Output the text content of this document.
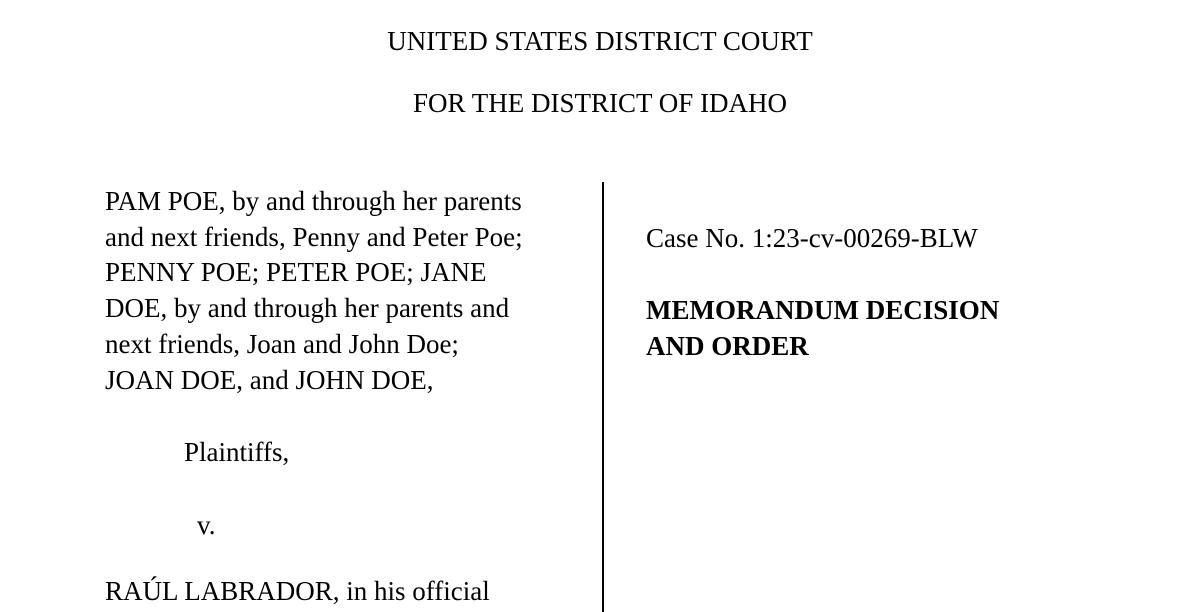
UNITED STATES DISTRICT COURT
FOR THE DISTRICT OF IDAHO
PAM POE, by and through her parents
and next friends, Penny and Peter Poe;
PENNY POE; PETER POE; JANE
DOE, by and through her parents and
next friends, Joan and John Doe;
JOAN DOE, and JOHN DOE,
Plaintiffs,
v.
RAÚL LABRADOR, in his official
Case No. 1:23-cv-00269-BLW
MEMORANDUM DECISION
AND ORDER
